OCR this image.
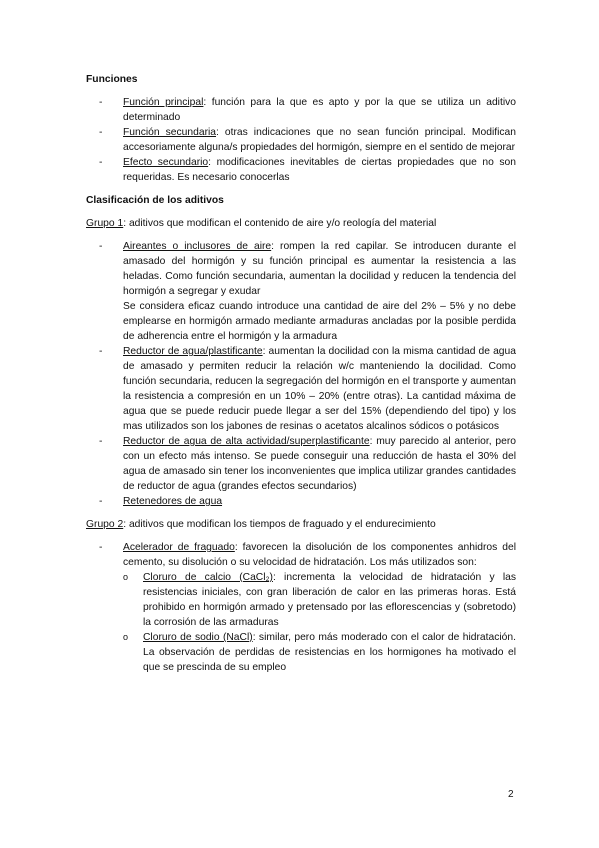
Funciones

- Función principal: función para la que es apto y por la que se utiliza un aditivo determinado
- Función secundaria: otras indicaciones que no sean función principal. Modifican accesoriamente alguna/s propiedades del hormigón, siempre en el sentido de mejorar
- Efecto secundario: modificaciones inevitables de ciertas propiedades que no son requeridas. Es necesario conocerlas

Clasificación de los aditivos

Grupo 1: aditivos que modifican el contenido de aire y/o reología del material

- Aireantes o inclusores de aire: rompen la red capilar. Se introducen durante el amasado del hormigón y su función principal es aumentar la resistencia a las heladas. Como función secundaria, aumentan la docilidad y reducen la tendencia del hormigón a segregar y exudar
Se considera eficaz cuando introduce una cantidad de aire del 2% – 5% y no debe emplearse en hormigón armado mediante armaduras ancladas por la posible perdida de adherencia entre el hormigón y la armadura
- Reductor de agua/plastificante: aumentan la docilidad con la misma cantidad de agua de amasado y permiten reducir la relación w/c manteniendo la docilidad. Como función secundaria, reducen la segregación del hormigón en el transporte y aumentan la resistencia a compresión en un 10% – 20% (entre otras). La cantidad máxima de agua que se puede reducir puede llegar a ser del 15% (dependiendo del tipo) y los mas utilizados son los jabones de resinas o acetatos alcalinos sódicos o potásicos
- Reductor de agua de alta actividad/superplastificante: muy parecido al anterior, pero con un efecto más intenso. Se puede conseguir una reducción de hasta el 30% del agua de amasado sin tener los inconvenientes que implica utilizar grandes cantidades de reductor de agua (grandes efectos secundarios)
- Retenedores de agua

Grupo 2: aditivos que modifican los tiempos de fraguado y el endurecimiento

- Acelerador de fraguado: favorecen la disolución de los componentes anhidros del cemento, su disolución o su velocidad de hidratación. Los más utilizados son:
o Cloruro de calcio (CaCl₂): incrementa la velocidad de hidratación y las resistencias iniciales, con gran liberación de calor en las primeras horas. Está prohibido en hormigón armado y pretensado por las eflorescencias y (sobretodo) la corrosión de las armaduras
o Cloruro de sodio (NaCl): similar, pero más moderado con el calor de hidratación. La observación de perdidas de resistencias en los hormigones ha motivado el que se prescinda de su empleo
2
